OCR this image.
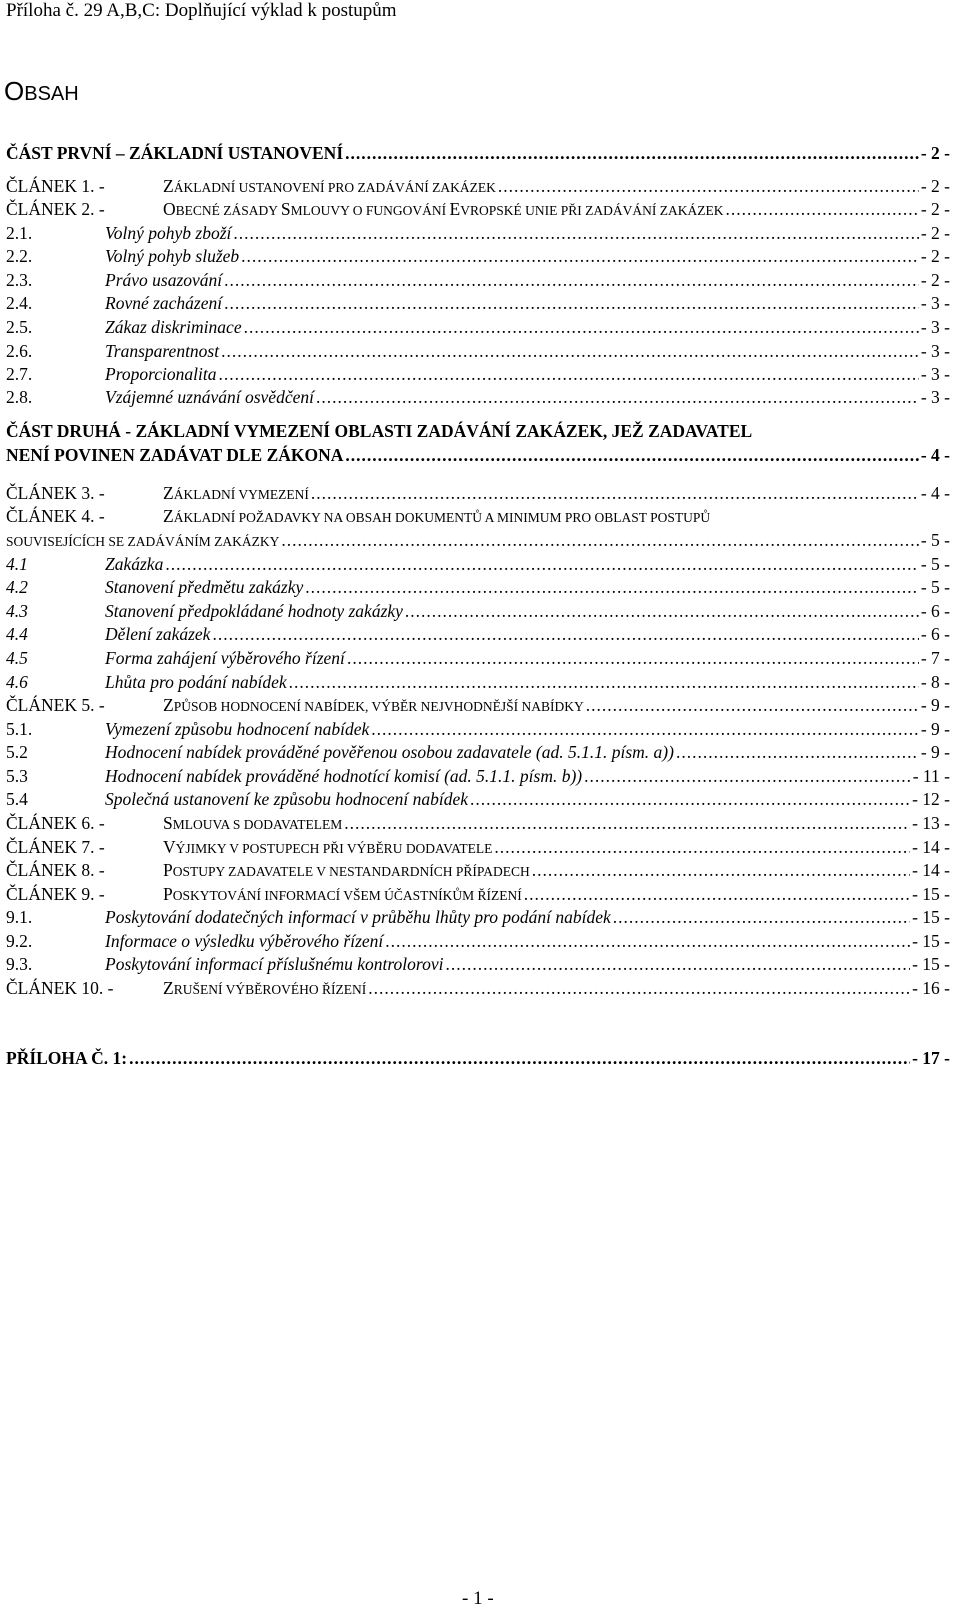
Příloha č. 29 A,B,C: Doplňující výklad k postupům
OBSAH
ČÁST PRVNÍ – ZÁKLADNÍ USTANOVENÍ .....	- 2 -
ČLÁNEK 1. -	ZÁKLADNÍ USTANOVENÍ PRO ZADÁVÁNÍ ZAKÁZEK .....	- 2 -
ČLÁNEK 2. -	OBECNÉ ZÁSADY SMLOUVY O FUNGOVÁNÍ EVROPSKÉ UNIE PŘI ZADÁVÁNÍ ZAKÁZEK .....	- 2 -
2.1.	Volný pohyb zboží .....	- 2 -
2.2.	Volný pohyb služeb .....	- 2 -
2.3.	Právo usazování .....	- 2 -
2.4.	Rovné zacházení .....	- 3 -
2.5.	Zákaz diskriminace .....	- 3 -
2.6.	Transparentnost .....	- 3 -
2.7.	Proporcionalita .....	- 3 -
2.8.	Vzájemné uznávání osvědčení .....	- 3 -
ČÁST DRUHÁ - ZÁKLADNÍ VYMEZENÍ OBLASTI ZADÁVÁNÍ ZAKÁZEK, JEŽ ZADAVATEL
NENÍ POVINEN ZADÁVAT DLE ZÁKONA .....	- 4 -
ČLÁNEK 3. -	ZÁKLADNÍ VYMEZENÍ .....	- 4 -
ČLÁNEK 4. -	ZÁKLADNÍ POŽADAVKY NA OBSAH DOKUMENTŮ A MINIMUM PRO OBLAST POSTUPŮ
SOUVISEJÍCÍCH SE ZADÁVÁNÍM ZAKÁZKY .....	- 5 -
4.1	Zakázka .....	- 5 -
4.2	Stanovení předmětu zakázky .....	- 5 -
4.3	Stanovení předpokládané hodnoty zakázky .....	- 6 -
4.4	Dělení zakázek .....	- 6 -
4.5	Forma zahájení výběrového řízení .....	- 7 -
4.6	Lhůta pro podání nabídek .....	- 8 -
ČLÁNEK 5. -	ZPŮSOB HODNOCENÍ NABÍDEK, VÝBĚR NEJVHODNĚJŠÍ NABÍDKY .....	- 9 -
5.1.	Vymezení způsobu hodnocení nabídek .....	- 9 -
5.2	Hodnocení nabídek prováděné pověřenou osobou zadavatele (ad. 5.1.1. písm. a)) .....	- 9 -
5.3	Hodnocení nabídek prováděné hodnotící komisí (ad. 5.1.1. písm. b)) .....	- 11 -
5.4	Společná ustanovení ke způsobu hodnocení nabídek .....	- 12 -
ČLÁNEK 6. -	SMLOUVA S DODAVATELEM .....	- 13 -
ČLÁNEK 7. -	VÝJIMKY V POSTUPECH PŘI VÝBĚRU DODAVATELE .....	- 14 -
ČLÁNEK 8. -	POSTUPY ZADAVATELE V NESTANDARDNÍCH PŘÍPADECH .....	- 14 -
ČLÁNEK 9. -	POSKYTOVÁNÍ INFORMACÍ VŠEM ÚČASTNÍKŮM ŘÍZENÍ .....	- 15 -
9.1.	Poskytování dodatečných informací v průběhu lhůty pro podání nabídek .....	- 15 -
9.2.	Informace o výsledku výběrového řízení .....	- 15 -
9.3.	Poskytování informací příslušnému kontrolorovi .....	- 15 -
ČLÁNEK 10. -	ZRUŠENÍ VÝBĚROVÉHO ŘÍZENÍ .....	- 16 -
PŘÍLOHA Č. 1: .....	- 17 -
- 1 -
